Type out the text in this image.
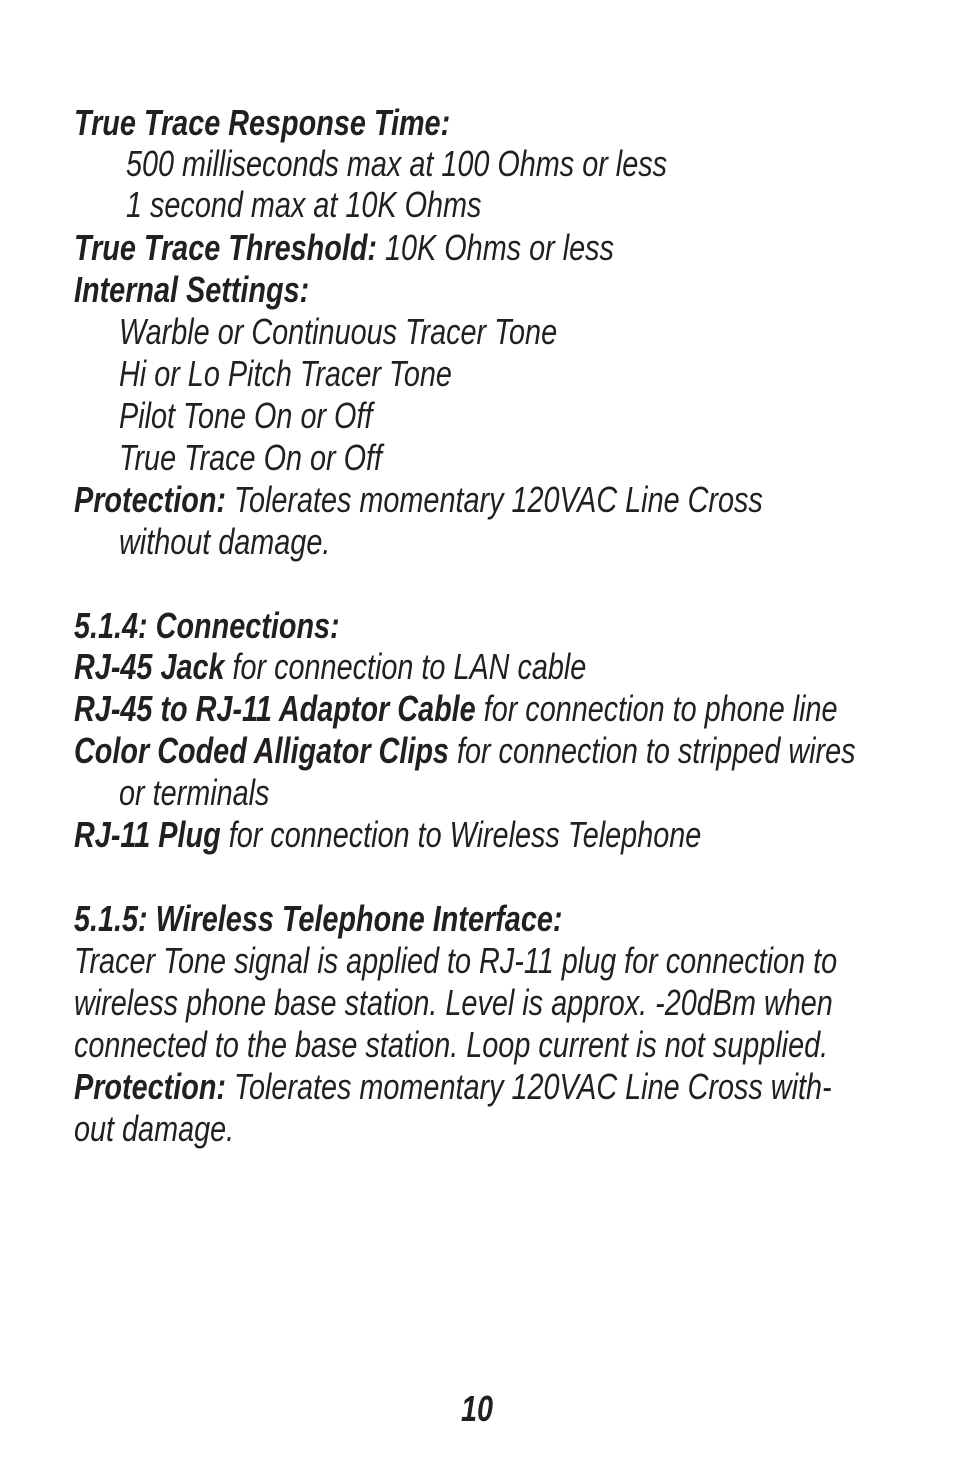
True Trace Response Time:
500 milliseconds max at 100 Ohms or less
1 second max at 10K Ohms
True Trace Threshold: 10K Ohms or less
Internal Settings:
Warble or Continuous Tracer Tone
Hi or Lo Pitch Tracer Tone
Pilot Tone On or Off
True Trace On or Off
Protection: Tolerates momentary 120VAC Line Cross
without damage.
5.1.4: Connections:
RJ-45 Jack for connection to LAN cable
RJ-45 to RJ-11 Adaptor Cable for connection to phone line
Color Coded Alligator Clips for connection to stripped wires
or terminals
RJ-11 Plug for connection to Wireless Telephone
5.1.5: Wireless Telephone Interface:
Tracer Tone signal is applied to RJ-11 plug for connection to
wireless phone base station. Level is approx. -20dBm when
connected to the base station. Loop current is not supplied.
Protection: Tolerates momentary 120VAC Line Cross with-
out damage.
10
